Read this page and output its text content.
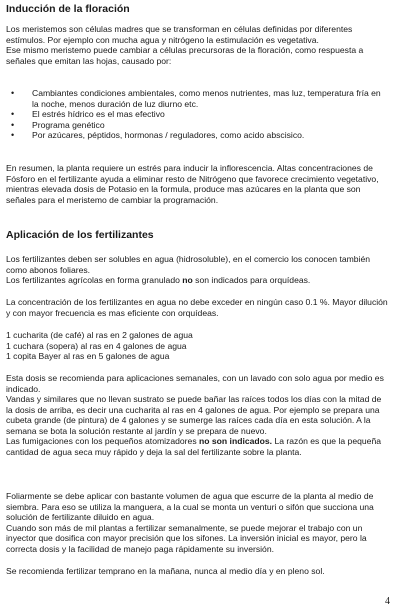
Inducción de la floración

Los meristemos son células madres que se transforman en células definidas por diferentes estímulos. Por ejemplo con mucha agua y nitrógeno la estimulación es vegetativa.

Ese mismo meristemo puede cambiar a células precursoras de la floración, como respuesta a señales que emitan las hojas, causado por:

• Cambiantes condiciones ambientales, como menos nutrientes, mas luz, temperatura fría en la noche, menos duración de luz diurno etc.
• El estrés hídrico es el mas efectivo
• Programa genético
• Por azúcares, péptidos, hormonas / reguladores, como acido abscisico.

En resumen, la planta requiere un estrés para inducir la inflorescencia. Altas concentraciones de Fósforo en el fertilizante ayuda a eliminar resto de Nitrógeno que favorece crecimiento vegetativo, mientras elevada dosis de Potasio en la formula, produce mas azúcares en la planta que son señales para el meristemo de cambiar la programación.

Aplicación de los fertilizantes

Los fertilizantes deben ser solubles en agua (hidrosoluble), en el comercio los conocen también como abonos foliares.

Los fertilizantes agrícolas en forma granulado no son indicados para orquídeas.

La concentración de los fertilizantes en agua no debe exceder en ningún caso 0.1 %. Mayor dilución y con mayor frecuencia es mas eficiente con orquídeas.

1 cucharita (de café) al ras en 2 galones de agua

1 cuchara (sopera) al ras en 4 galones de agua

1 copita Bayer al ras en 5 galones de agua

Esta dosis se recomienda para aplicaciones semanales, con un lavado con solo agua por medio es indicado.

Vandas y similares que no llevan sustrato se puede bañar las raíces todos los días con la mitad de la dosis de arriba, es decir una cucharita al ras en 4 galones de agua. Por ejemplo se prepara una cubeta grande (de pintura) de 4 galones y se sumerge las raíces cada día en esta solución. A la semana se bota la solución restante al jardín y se prepara de nuevo.

Las fumigaciones con los pequeños atomizadores no son indicados. La razón es que la pequeña cantidad de agua seca muy rápido y deja la sal del fertilizante sobre la planta.

Foliarmente se debe aplicar con bastante volumen de agua que escurre de la planta al medio de siembra. Para eso se utiliza la manguera, a la cual se monta un venturi o sifón que succiona una solución de fertilizante diluido en agua.

Cuando son más de mil plantas a fertilizar semanalmente, se puede mejorar el trabajo con un inyector que dosifica con mayor precisión que los sifones. La inversión inicial es mayor, pero la correcta dosis y la facilidad de manejo paga rápidamente su inversión.

Se recomienda fertilizar temprano en la mañana, nunca al medio día y en pleno sol.

4
